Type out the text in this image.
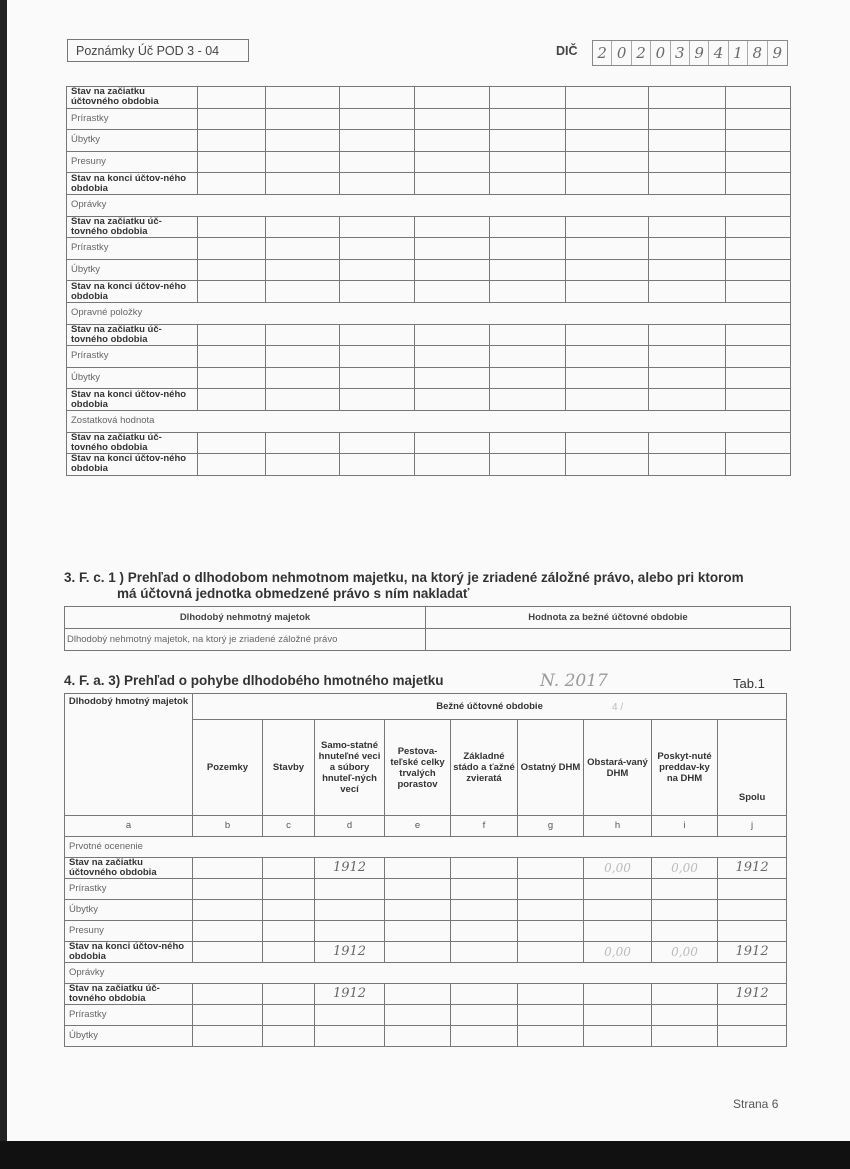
Poznámky Úč POD 3 - 04	DIČ 2 0 2 0 3 9 4 1 8 9
Stav na začiatku účtovného obdobia								
Prírastky								
Úbytky								
Presuny								
Stav na konci účtov-ného obdobia								
Oprávky								
Stav na začiatku úč-tovného obdobia								
Prírastky								
Úbytky								
Stav na konci účtov-ného obdobia								
Opravné položky								
Stav na začiatku úč-tovného obdobia								
Prírastky								
Úbytky								
Stav na konci účtov-ného obdobia								
Zostatková hodnota								
Stav na začiatku úč-tovného obdobia								
Stav na konci účtov-ného obdobia								
3. F. c. 1 ) Prehľad o dlhodobom nehmotnom majetku, na ktorý je zriadené záložné právo, alebo pri ktorom
má účtovná jednotka obmedzené právo s ním nakladať
Dlhodobý nehmotný majetok	Hodnota za bežné účtovné obdobie
Dlhodobý nehmotný majetok, na ktorý je zriadené záložné právo	
4. F. a. 3) Prehľad o pohybe dlhodobého hmotného majetku	N. 2017
4 /
Tab.1
Dlhodobý hmotný majetok	Bežné účtovné obdobie								
	Pozemky	Stavby	Samo-statné hnuteľné veci a súbory hnuteľ-ných vecí	Pestova-teľské celky trvalých porastov	Základné stádo a ťažné zvieratá	Ostatný DHM	Obstará-vaný DHM	Poskyt-nuté preddav-ky na DHM	Spolu
a	b	c	d	e	f	g	h	i	j
Prvotné ocenenie									
Stav na začiatku účtovného obdobia			1912				0,00	0,00	1912
Prírastky									
Úbytky									
Presuny									
Stav na konci účtov-ného obdobia			1912				0,00	0,00	1912
Oprávky									
Stav na začiatku úč-tovného obdobia			1912						1912
Prírastky									
Úbytky									
Strana 6
